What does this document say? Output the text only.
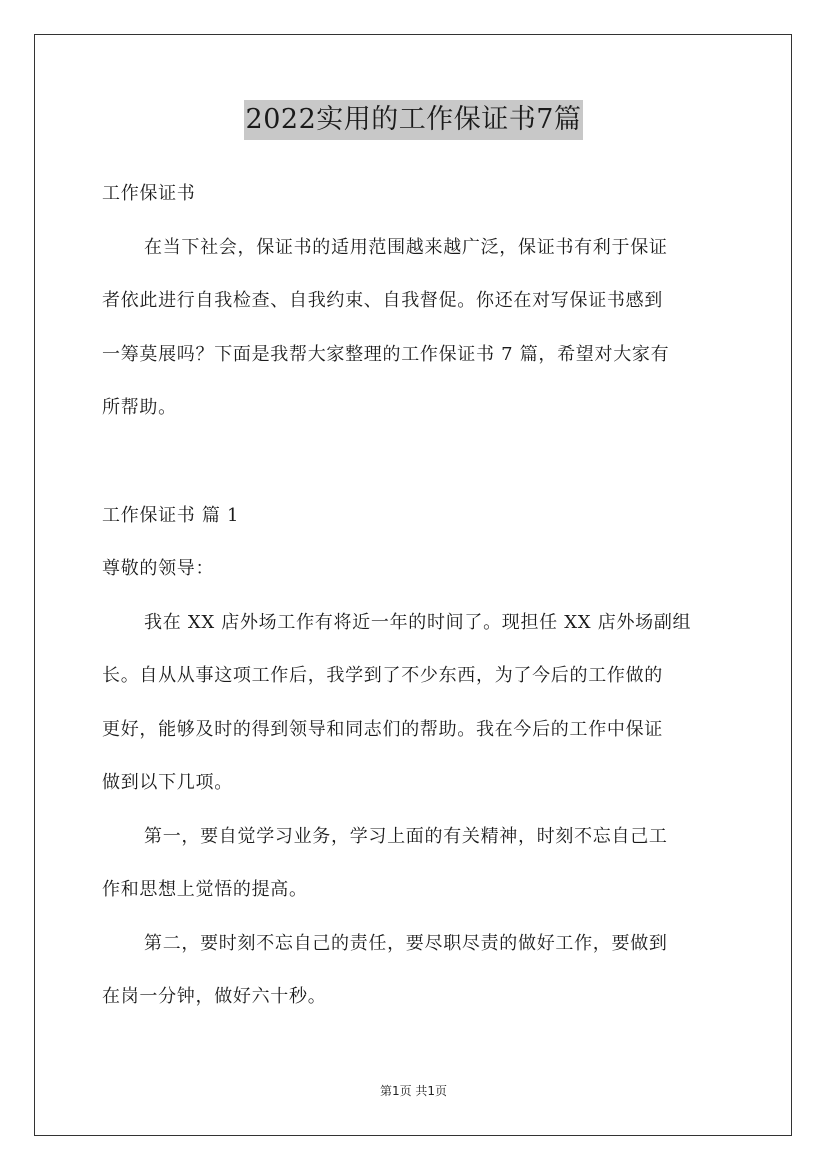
2022实用的工作保证书7篇

工作保证书

在当下社会，保证书的适用范围越来越广泛，保证书有利于保证

者依此进行自我检查、自我约束、自我督促。你还在对写保证书感到

一筹莫展吗？下面是我帮大家整理的工作保证书 7 篇，希望对大家有

所帮助。

工作保证书 篇 1

尊敬的领导：

我在 XX 店外场工作有将近一年的时间了。现担任 XX 店外场副组

长。自从从事这项工作后，我学到了不少东西，为了今后的工作做的

更好，能够及时的得到领导和同志们的帮助。我在今后的工作中保证

做到以下几项。

第一，要自觉学习业务，学习上面的有关精神，时刻不忘自己工

作和思想上觉悟的提高。

第二，要时刻不忘自己的责任，要尽职尽责的做好工作，要做到

在岗一分钟，做好六十秒。

第1页 共1页
